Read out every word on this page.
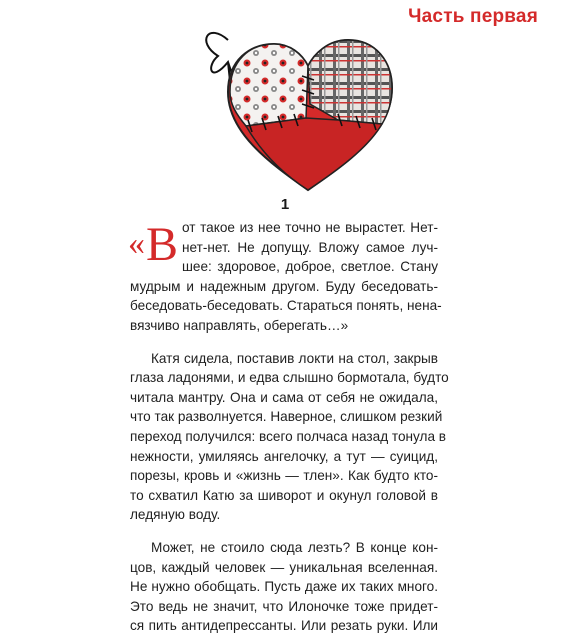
Часть первая
1
«В от такое из нее точно не вырастет. Нет-
нет-нет. Не допущу. Вложу самое луч-
шее: здоровое, доброе, светлое. Стану
мудрым и надежным другом. Буду беседовать-
беседовать-беседовать. Стараться понять, нена-
вязчиво направлять, оберегать…»
Катя сидела, поставив локти на стол, закрыв
глаза ладонями, и едва слышно бормотала, будто
читала мантру. Она и сама от себя не ожидала,
что так разволнуется. Наверное, слишком резкий
переход получился: всего полчаса назад тонула в
нежности, умиляясь ангелочку, а тут — суицид,
порезы, кровь и «жизнь — тлен». Как будто кто-
то схватил Катю за шиворот и окунул головой в
ледяную воду.
Может, не стоило сюда лезть? В конце кон-
цов, каждый человек — уникальная вселенная.
Не нужно обобщать. Пусть даже их таких много.
Это ведь не значит, что Илоночке тоже придет-
ся пить антидепрессанты. Или резать руки. Или
